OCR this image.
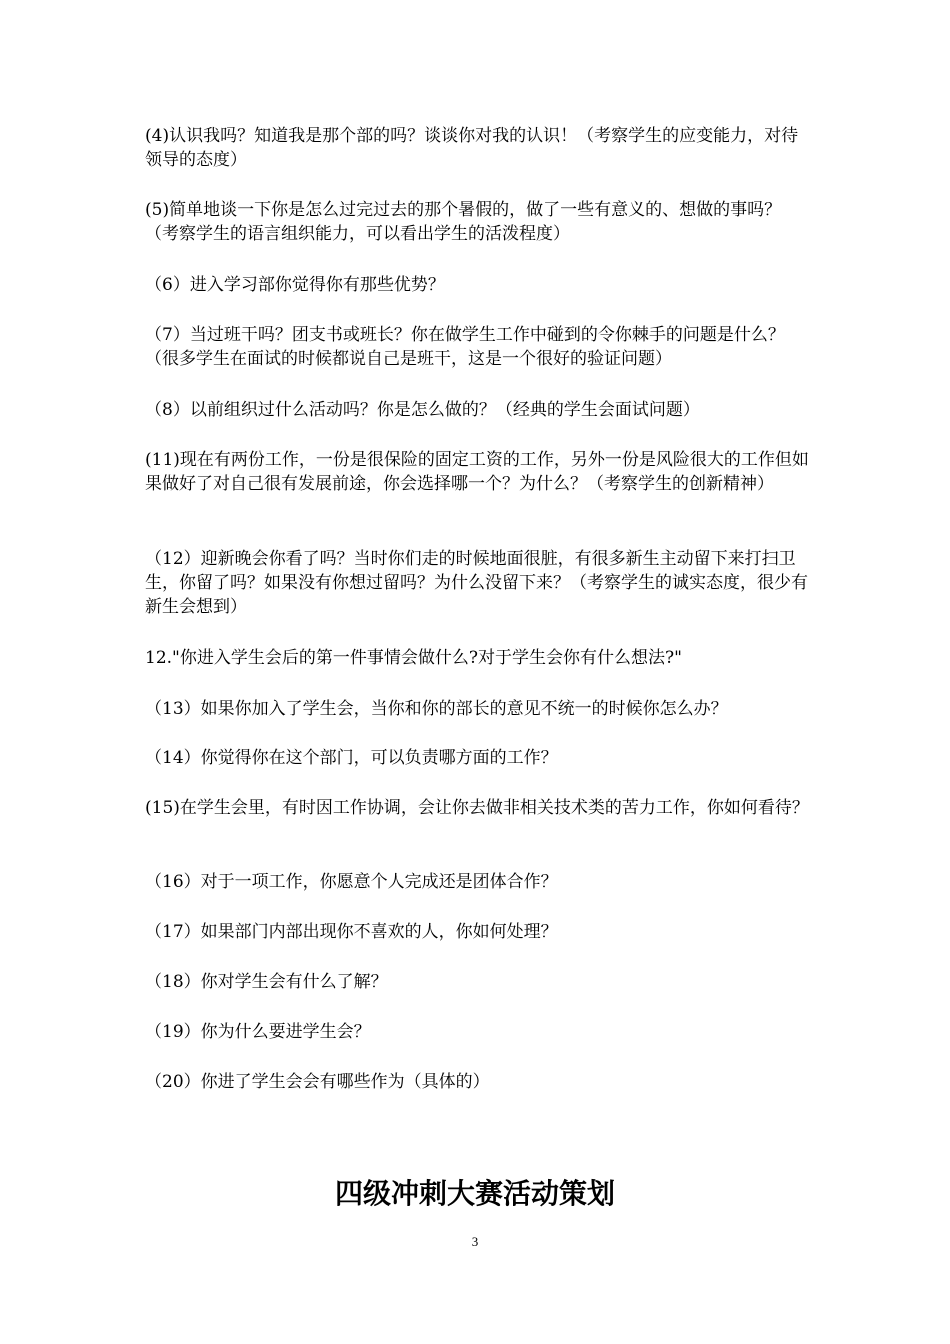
(4)认识我吗？知道我是那个部的吗？谈谈你对我的认识！（考察学生的应变能力，对待领导的态度）

(5)简单地谈一下你是怎么过完过去的那个暑假的，做了一些有意义的、想做的事吗？（考察学生的语言组织能力，可以看出学生的活泼程度）

（6）进入学习部你觉得你有那些优势？

（7）当过班干吗？团支书或班长？你在做学生工作中碰到的令你棘手的问题是什么？（很多学生在面试的时候都说自己是班干，这是一个很好的验证问题）

（8）以前组织过什么活动吗？你是怎么做的？（经典的学生会面试问题）

(11)现在有两份工作，一份是很保险的固定工资的工作，另外一份是风险很大的工作但如果做好了对自己很有发展前途，你会选择哪一个？为什么？（考察学生的创新精神）

（12）迎新晚会你看了吗？当时你们走的时候地面很脏，有很多新生主动留下来打扫卫生，你留了吗？如果没有你想过留吗？为什么没留下来？（考察学生的诚实态度，很少有新生会想到）

12."你进入学生会后的第一件事情会做什么?对于学生会你有什么想法?"

（13）如果你加入了学生会，当你和你的部长的意见不统一的时候你怎么办？

（14）你觉得你在这个部门，可以负责哪方面的工作？

(15)在学生会里，有时因工作协调，会让你去做非相关技术类的苦力工作，你如何看待？

（16）对于一项工作，你愿意个人完成还是团体合作？

（17）如果部门内部出现你不喜欢的人，你如何处理？

（18）你对学生会有什么了解？

（19）你为什么要进学生会？

（20）你进了学生会会有哪些作为（具体的）

四级冲刺大赛活动策划
3
